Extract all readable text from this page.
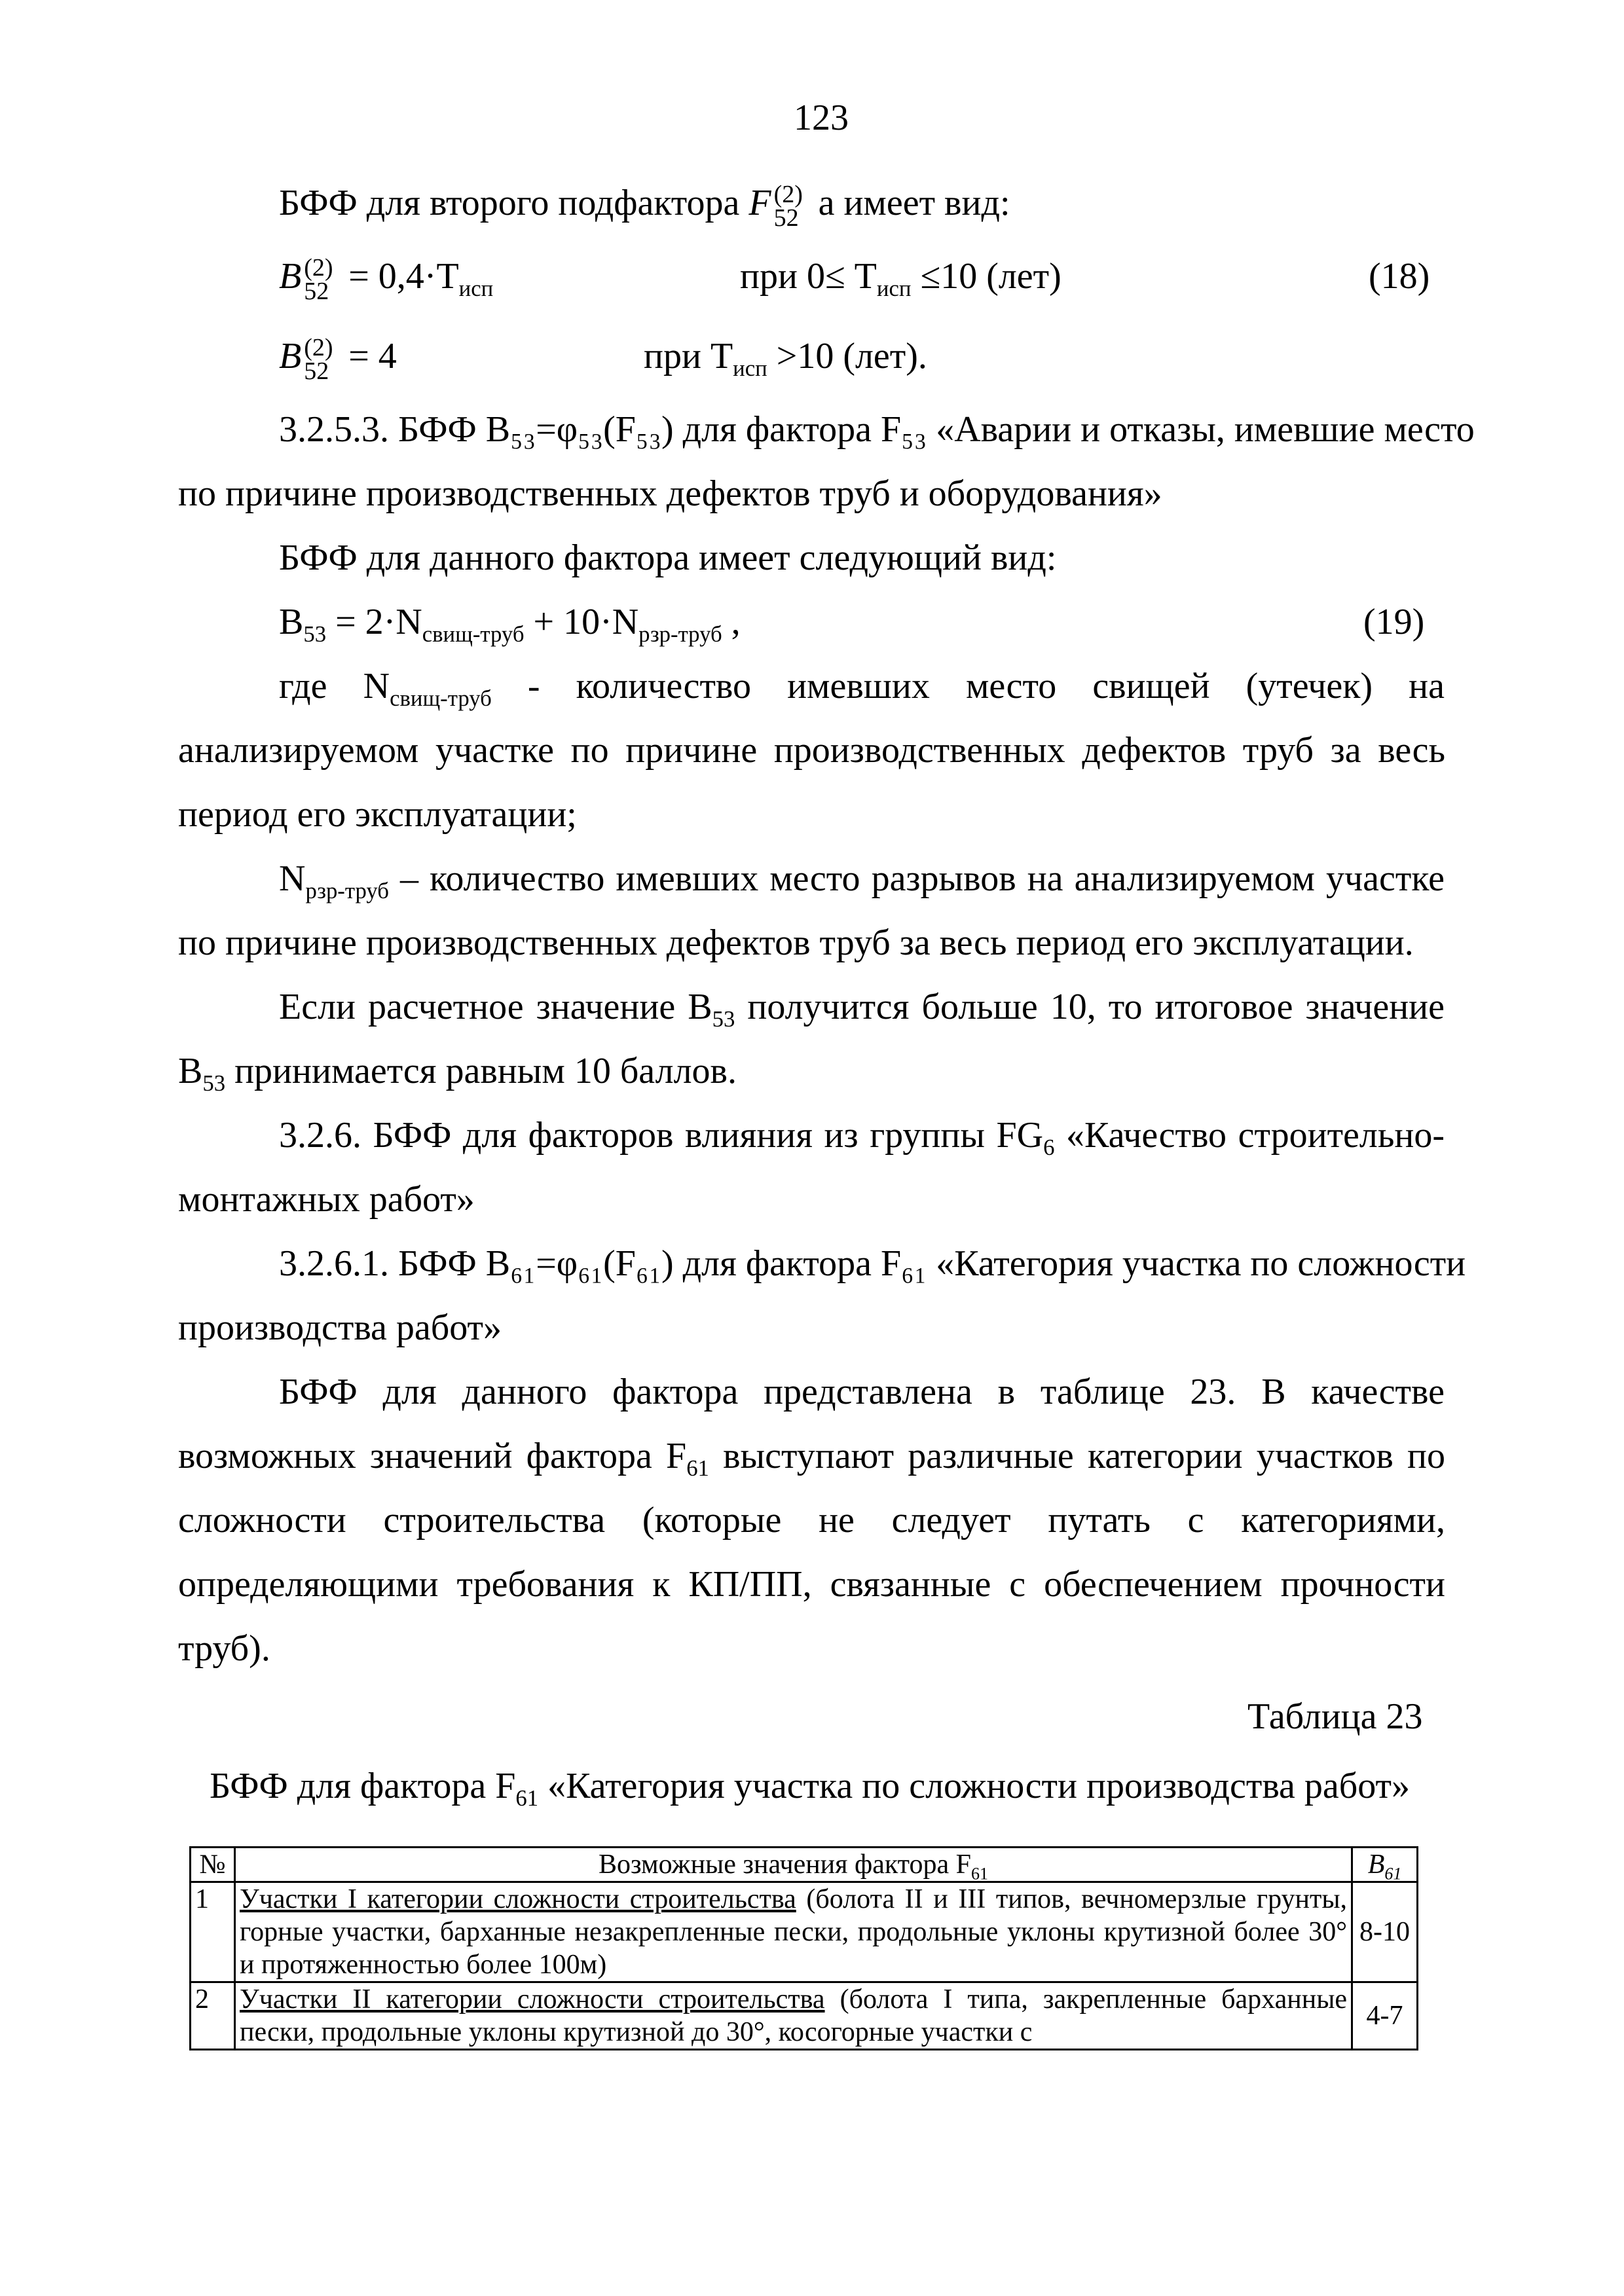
123
БФФ для второго подфактора F (2)
52 а имеет вид:
B (2)
$52 = 0,4\cdot T_{исп}$	при $0\le T_{исп} \le 10$ (лет)	(18)
B (2)
52 = 4	при $T_{исп} >10$ (лет).
3.2.5.3. БФФ B₅₃=φ₅₃(F₅₃) для фактора F₅₃ «Аварии и отказы, имевшие место
по причине производственных дефектов труб и оборудования»
БФФ для данного фактора имеет следующий вид:
$B_{53} = 2\cdot N_{свищ-труб} + 10\cdot N_{рзр-труб}$ ,	(19)
где $N_{свищ-труб}$ - количество имевших место свищей (утечек) на
анализируемом участке по причине производственных дефектов труб за весь
период его эксплуатации;
$N_{рзр-труб}$ – количество имевших место разрывов на анализируемом участке
по причине производственных дефектов труб за весь период его эксплуатации.
Если расчетное значение $B_{53}$ получится больше 10, то итоговое значение
$B_{53}$ принимается равным 10 баллов.
3.2.6. БФФ для факторов влияния из группы $FG_6$ «Качество строительно-
монтажных работ»
3.2.6.1. БФФ B₆₁=φ₆₁(F₆₁) для фактора F₆₁ «Категория участка по сложности
производства работ»
БФФ для данного фактора представлена в таблице 23. В качестве
возможных значений фактора $F_{61}$ выступают различные категории участков по
сложности строительства (которые не следует путать с категориями,
определяющими требования к КП/ПП, связанные с обеспечением прочности
труб).
Таблица 23
БФФ для фактора $F_{61}$ «Категория участка по сложности производства работ»
№	Возможные значения фактора $F_{61}$	$B_{61}$
1	Участки I категории сложности строительства (болота II и III типов, вечномерзлые грунты, горные участки, барханные незакрепленные пески, продольные уклоны крутизной более 30° и протяженностью более 100м)	8-10
2	Участки II категории сложности строительства (болота I типа, закрепленные барханные пески, продольные уклоны крутизной до 30°, косогорные участки с	4-7
